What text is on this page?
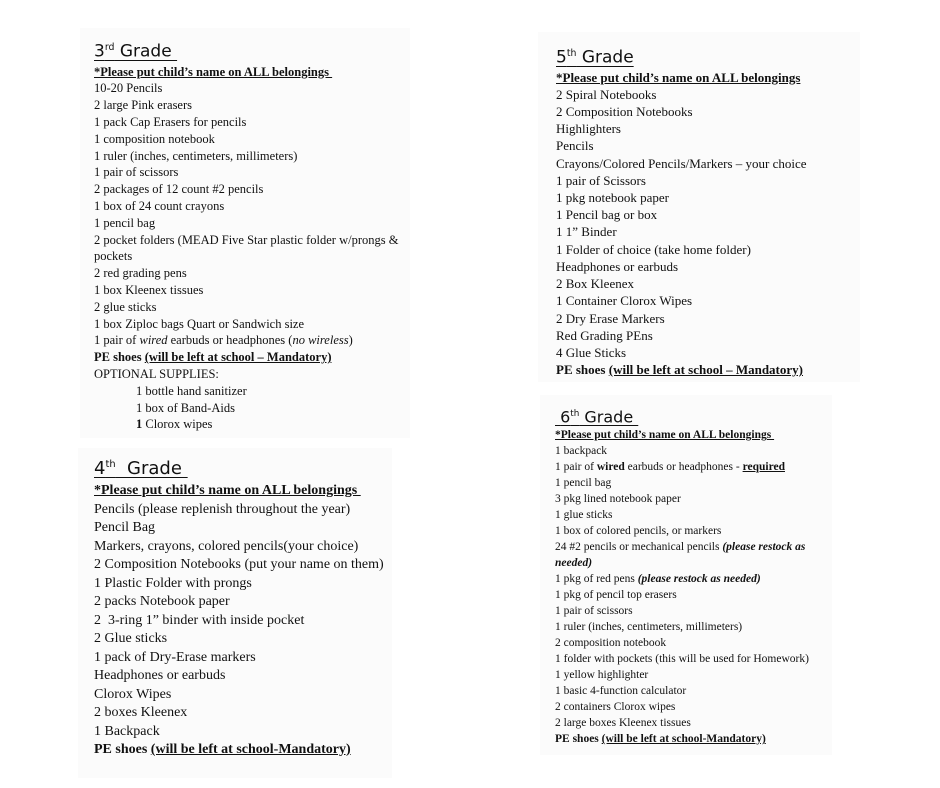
3rd Grade
*Please put child’s name on ALL belongings
10-20 Pencils
2 large Pink erasers
1 pack Cap Erasers for pencils
1 composition notebook
1 ruler (inches, centimeters, millimeters)
1 pair of scissors
2 packages of 12 count #2 pencils
1 box of 24 count crayons
1 pencil bag
2 pocket folders (MEAD Five Star plastic folder w/prongs & pockets
2 red grading pens
1 box Kleenex tissues
2 glue sticks
1 box Ziploc bags Quart or Sandwich size
1 pair of wired earbuds or headphones (no wireless)
PE shoes (will be left at school – Mandatory)
OPTIONAL SUPPLIES:
1 bottle hand sanitizer
1 box of Band-Aids
1 Clorox wipes
4th  Grade
*Please put child’s name on ALL belongings
Pencils (please replenish throughout the year)
Pencil Bag
Markers, crayons, colored pencils(your choice)
2 Composition Notebooks (put your name on them)
1 Plastic Folder with prongs
2 packs Notebook paper
2  3-ring 1” binder with inside pocket
2 Glue sticks
1 pack of Dry-Erase markers
Headphones or earbuds
Clorox Wipes
2 boxes Kleenex
1 Backpack
PE shoes (will be left at school-Mandatory)
5th Grade
*Please put child’s name on ALL belongings
2 Spiral Notebooks
2 Composition Notebooks
Highlighters
Pencils
Crayons/Colored Pencils/Markers – your choice
1 pair of Scissors
1 pkg notebook paper
1 Pencil bag or box
1 1” Binder
1 Folder of choice (take home folder)
Headphones or earbuds
2 Box Kleenex
1 Container Clorox Wipes
2 Dry Erase Markers
Red Grading PEns
4 Glue Sticks
PE shoes (will be left at school – Mandatory)
6th Grade
*Please put child’s name on ALL belongings
1 backpack
1 pair of wired earbuds or headphones - required
1 pencil bag
3 pkg lined notebook paper
1 glue sticks
1 box of colored pencils, or markers
24 #2 pencils or mechanical pencils (please restock as needed)
1 pkg of red pens (please restock as needed)
1 pkg of pencil top erasers
1 pair of scissors
1 ruler (inches, centimeters, millimeters)
2 composition notebook
1 folder with pockets (this will be used for Homework)
1 yellow highlighter
1 basic 4-function calculator
2 containers Clorox wipes
2 large boxes Kleenex tissues
PE shoes (will be left at school-Mandatory)
